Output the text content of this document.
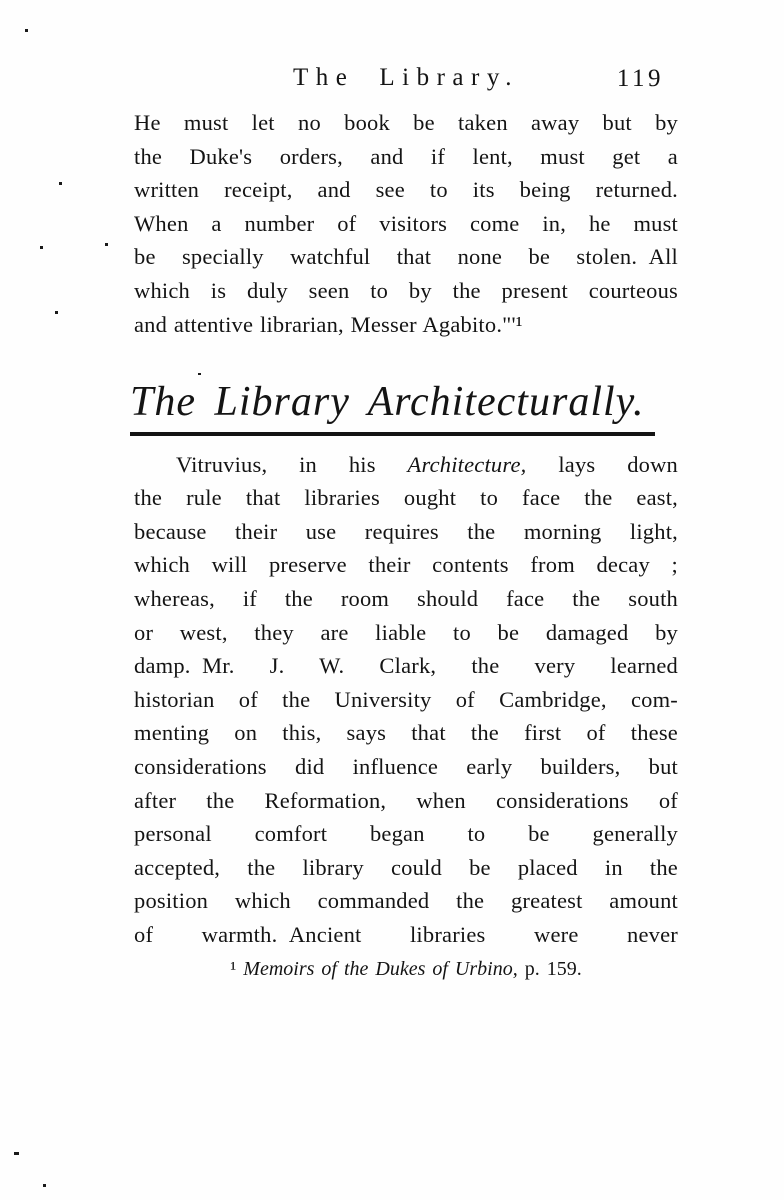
The Library.	119
He must let no book be taken away but by
the Duke's orders, and if lent, must get a
written receipt, and see to its being returned.
When a number of visitors come in, he must
be specially watchful that none be stolen. All
which is duly seen to by the present courteous
and attentive librarian, Messer Agabito."'¹
The Library Architecturally.
Vitruvius, in his Architecture, lays down
the rule that libraries ought to face the east,
because their use requires the morning light,
which will preserve their contents from decay ;
whereas, if the room should face the south
or west, they are liable to be damaged by
damp. Mr. J. W. Clark, the very learned
historian of the University of Cambridge, com-
menting on this, says that the first of these
considerations did influence early builders, but
after the Reformation, when considerations of
personal comfort began to be generally
accepted, the library could be placed in the
position which commanded the greatest amount
of warmth. Ancient libraries were never
¹ Memoirs of the Dukes of Urbino, p. 159.
